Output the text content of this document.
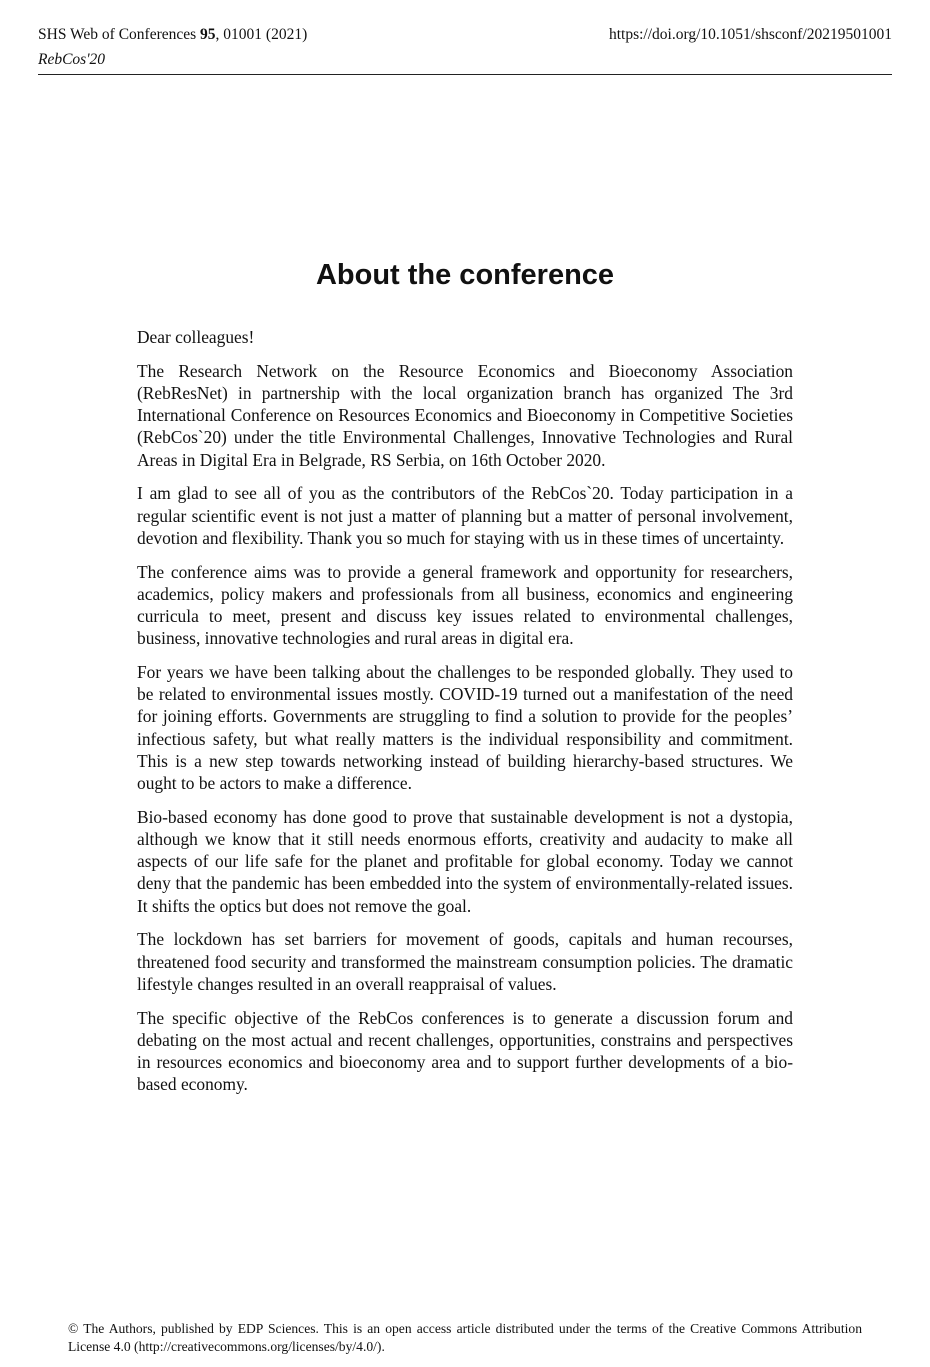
SHS Web of Conferences 95, 01001 (2021)
RebCos'20
https://doi.org/10.1051/shsconf/20219501001
About the conference

Dear colleagues!

The Research Network on the Resource Economics and Bioeconomy Association (RebResNet) in partnership with the local organization branch has organized The 3rd International Conference on Resources Economics and Bioeconomy in Competitive Societies (RebCos`20) under the title Environmental Challenges, Innovative Technologies and Rural Areas in Digital Era in Belgrade, RS Serbia, on 16th October 2020.

I am glad to see all of you as the contributors of the RebCos`20. Today participation in a regular scientific event is not just a matter of planning but a matter of personal involvement, devotion and flexibility. Thank you so much for staying with us in these times of uncertainty.

The conference aims was to provide a general framework and opportunity for researchers, academics, policy makers and professionals from all business, economics and engineering curricula to meet, present and discuss key issues related to environmental challenges, business, innovative technologies and rural areas in digital era.

For years we have been talking about the challenges to be responded globally. They used to be related to environmental issues mostly. COVID-19 turned out a manifestation of the need for joining efforts. Governments are struggling to find a solution to provide for the peoples’ infectious safety, but what really matters is the individual responsibility and commitment. This is a new step towards networking instead of building hierarchy-based structures. We ought to be actors to make a difference.

Bio-based economy has done good to prove that sustainable development is not a dystopia, although we know that it still needs enormous efforts, creativity and audacity to make all aspects of our life safe for the planet and profitable for global economy. Today we cannot deny that the pandemic has been embedded into the system of environmentally-related issues. It shifts the optics but does not remove the goal.

The lockdown has set barriers for movement of goods, capitals and human recourses, threatened food security and transformed the mainstream consumption policies. The dramatic lifestyle changes resulted in an overall reappraisal of values.

The specific objective of the RebCos conferences is to generate a discussion forum and debating on the most actual and recent challenges, opportunities, constrains and perspectives in resources economics and bioeconomy area and to support further developments of a bio-based economy.

© The Authors, published by EDP Sciences. This is an open access article distributed under the terms of the Creative Commons Attribution License 4.0 (http://creativecommons.org/licenses/by/4.0/).
